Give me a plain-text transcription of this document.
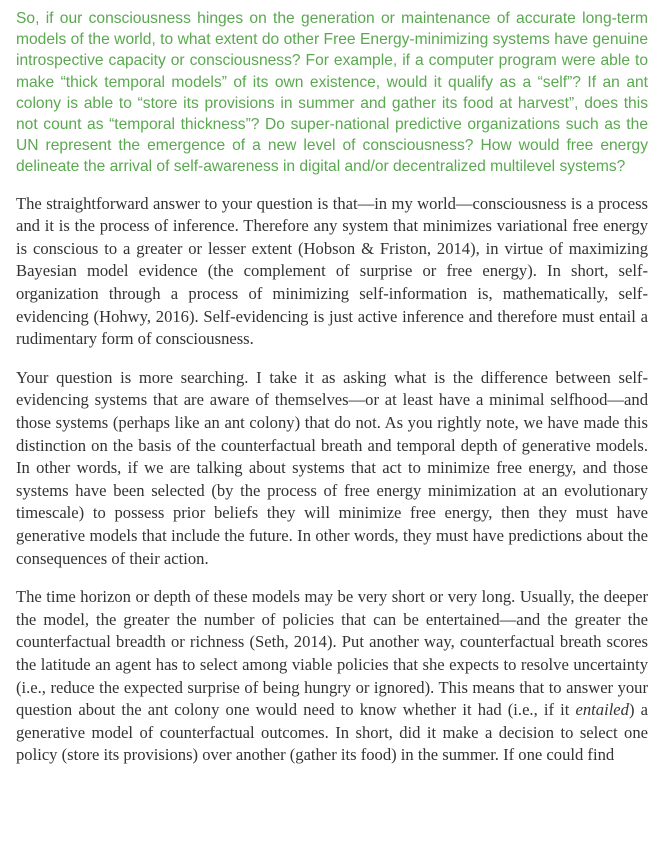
So, if our consciousness hinges on the generation or maintenance of accurate long-term models of the world, to what extent do other Free Energy-minimizing systems have genuine introspective capacity or consciousness? For example, if a computer program were able to make “thick temporal models” of its own existence, would it qualify as a “self”? If an ant colony is able to “store its provisions in summer and gather its food at harvest”, does this not count as “temporal thickness”? Do super-national predictive organizations such as the UN represent the emergence of a new level of consciousness? How would free energy delineate the arrival of self-awareness in digital and/or decentralized multilevel systems?

The straightforward answer to your question is that—in my world—consciousness is a process and it is the process of inference. Therefore any system that minimizes variational free energy is conscious to a greater or lesser extent (Hobson & Friston, 2014), in virtue of maximizing Bayesian model evidence (the complement of surprise or free energy). In short, self-organization through a process of minimizing self-information is, mathematically, self-evidencing (Hohwy, 2016). Self-evidencing is just active inference and therefore must entail a rudimentary form of consciousness.

Your question is more searching. I take it as asking what is the difference between self-evidencing systems that are aware of themselves—or at least have a minimal selfhood—and those systems (perhaps like an ant colony) that do not. As you rightly note, we have made this distinction on the basis of the counterfactual breath and temporal depth of generative models. In other words, if we are talking about systems that act to minimize free energy, and those systems have been selected (by the process of free energy minimization at an evolutionary timescale) to possess prior beliefs they will minimize free energy, then they must have generative models that include the future. In other words, they must have predictions about the consequences of their action.

The time horizon or depth of these models may be very short or very long. Usually, the deeper the model, the greater the number of policies that can be entertained—and the greater the counterfactual breadth or richness (Seth, 2014). Put another way, counterfactual breath scores the latitude an agent has to select among viable policies that she expects to resolve uncertainty (i.e., reduce the expected surprise of being hungry or ignored). This means that to answer your question about the ant colony one would need to know whether it had (i.e., if it entailed) a generative model of counterfactual outcomes. In short, did it make a decision to select one policy (store its provisions) over another (gather its food) in the summer. If one could find
